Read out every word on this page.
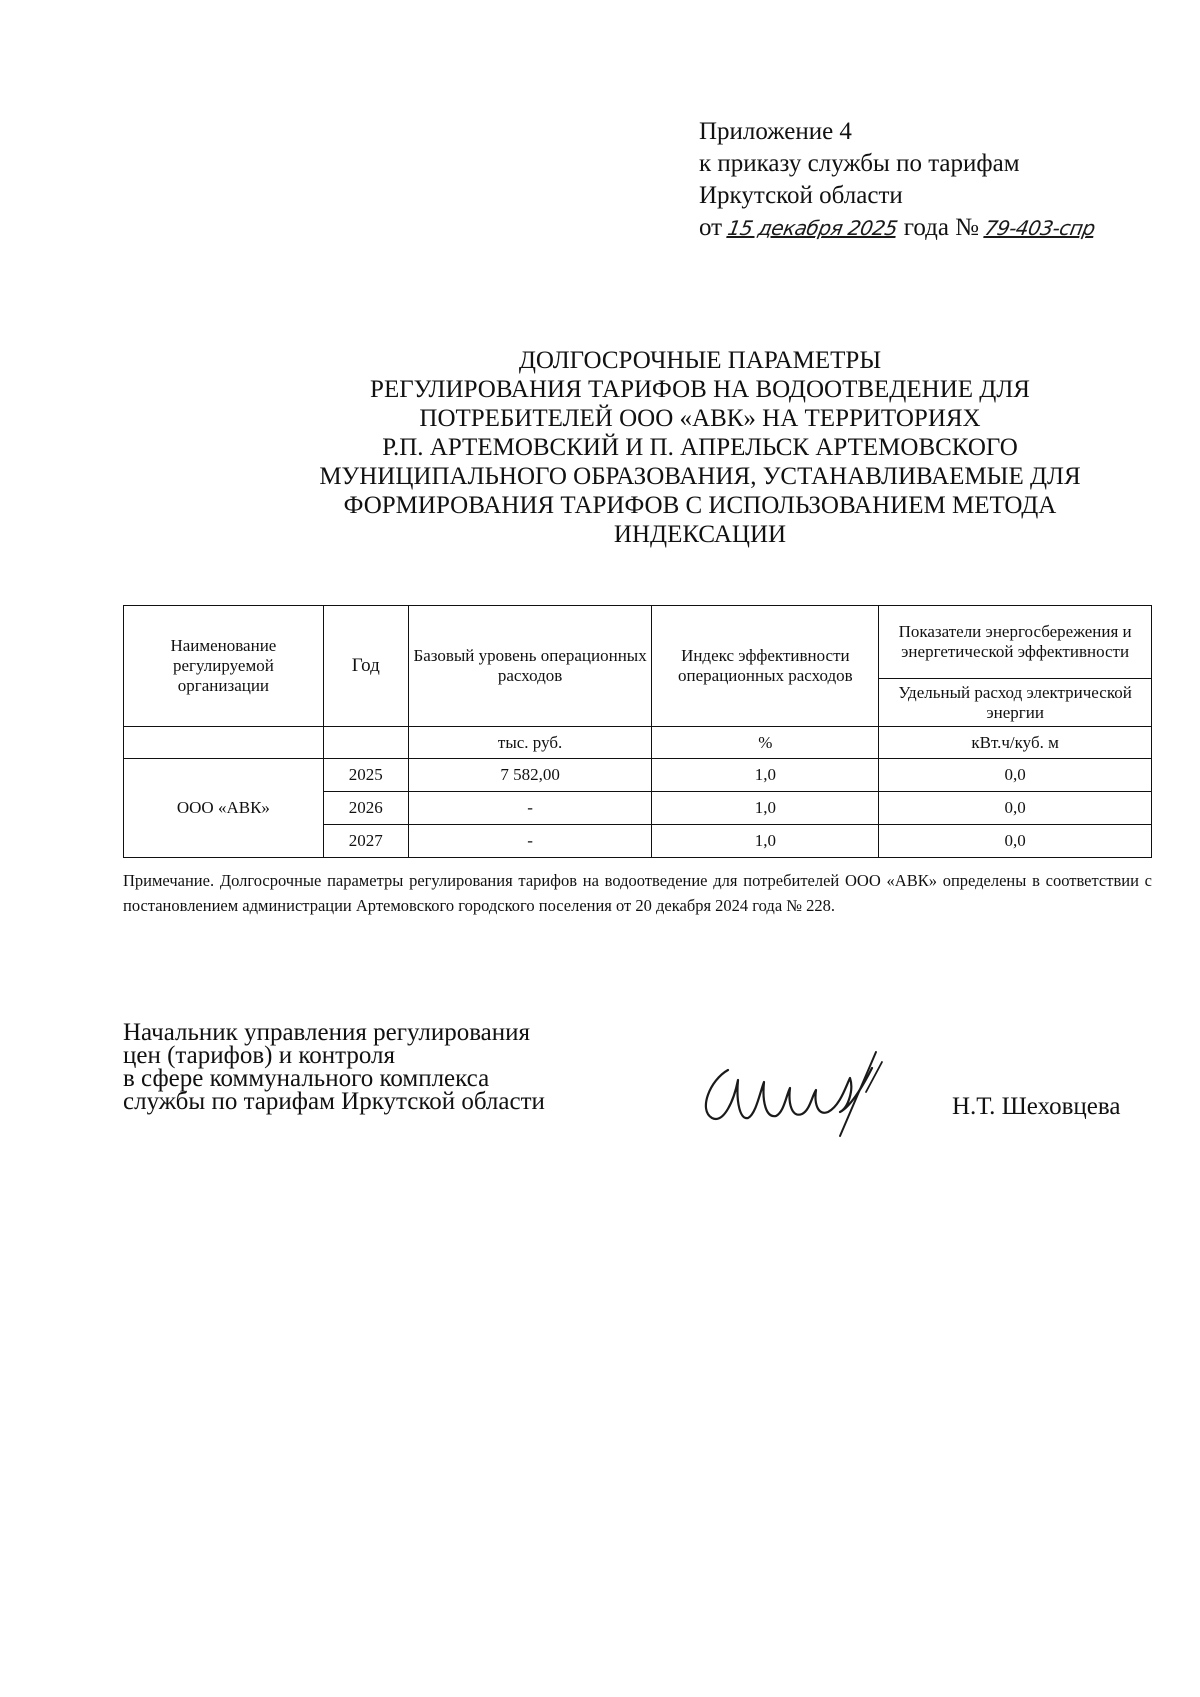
Приложение 4
к приказу службы по тарифам
Иркутской области
от 15 декабря 2025 года № 79-403-спр
ДОЛГОСРОЧНЫЕ ПАРАМЕТРЫ
РЕГУЛИРОВАНИЯ ТАРИФОВ НА ВОДООТВЕДЕНИЕ ДЛЯ
ПОТРЕБИТЕЛЕЙ ООО «АВК» НА ТЕРРИТОРИЯХ
Р.П. АРТЕМОВСКИЙ И П. АПРЕЛЬСК АРТЕМОВСКОГО
МУНИЦИПАЛЬНОГО ОБРАЗОВАНИЯ, УСТАНАВЛИВАЕМЫЕ ДЛЯ
ФОРМИРОВАНИЯ ТАРИФОВ С ИСПОЛЬЗОВАНИЕМ МЕТОДА
ИНДЕКСАЦИИ
Наименование регулируемой организации	Год	Базовый уровень операционных расходов	Индекс эффективности операционных расходов	Показатели энергосбережения и энергетической эффективности
				Удельный расход электрической энергии
		тыс. руб.	%	кВт.ч/куб. м
ООО «АВК»	2025	7 582,00	1,0	0,0
	2026	-	1,0	0,0
	2027	-	1,0	0,0
Примечание. Долгосрочные параметры регулирования тарифов на водоотведение для потребителей ООО «АВК» определены в соответствии с постановлением администрации Артемовского городского поселения от 20 декабря 2024 года № 228.
Начальник управления регулирования
цен (тарифов) и контроля
в сфере коммунального комплекса
службы по тарифам Иркутской области	Н.Т. Шеховцева
